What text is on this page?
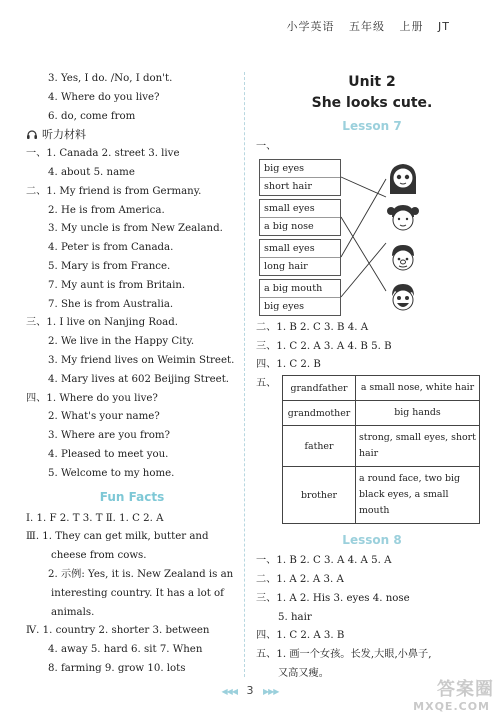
小学英语 五年级 上册 JT
3. Yes, I do. /No, I don't.
4. Where do you live?
6. do, come from
听力材料
一、1. Canada 2. street 3. live
4. about 5. name
二、1. My friend is from Germany.
2. He is from America.
3. My uncle is from New Zealand.
4. Peter is from Canada.
5. Mary is from France.
7. My aunt is from Britain.
7. She is from Australia.
三、1. I live on Nanjing Road.
2. We live in the Happy City.
3. My friend lives on Weimin Street.
4. Mary lives at 602 Beijing Street.
四、1. Where do you live?
2. What's your name?
3. Where are you from?
4. Pleased to meet you.
5. Welcome to my home.
Fun Facts
Ⅰ. 1. F 2. T 3. T Ⅱ. 1. C 2. A
Ⅲ. 1. They can get milk, butter and
cheese from cows.
2. 示例: Yes, it is. New Zealand is an
interesting country. It has a lot of
animals.
Ⅳ. 1. country 2. shorter 3. between
4. away 5. hard 6. sit 7. When
8. farming 9. grow 10. lots
Unit 2
She looks cute.
Lesson 7
一、
big eyes
short hair
small eyes
a big nose
small eyes
long hair
a big mouth
big eyes
二、1. B 2. C 3. B 4. A
三、1. C 2. A 3. A 4. B 5. B
四、1. C 2. B
五、 grandfather	a small nose, white hair
grandmother	big hands
father	strong, small eyes, short hair
brother	a round face, two big black eyes, a small mouth
Lesson 8
一、1. B 2. C 3. A 4. A 5. A
二、1. A 2. A 3. A
三、1. A 2. His 3. eyes 4. nose
5. hair
四、1. C 2. A 3. B
五、1. 画一个女孩。长发,大眼,小鼻子,
又高又瘦。
◀◀◀ 3 ▶▶▶	答案圈
MXQE.COM
